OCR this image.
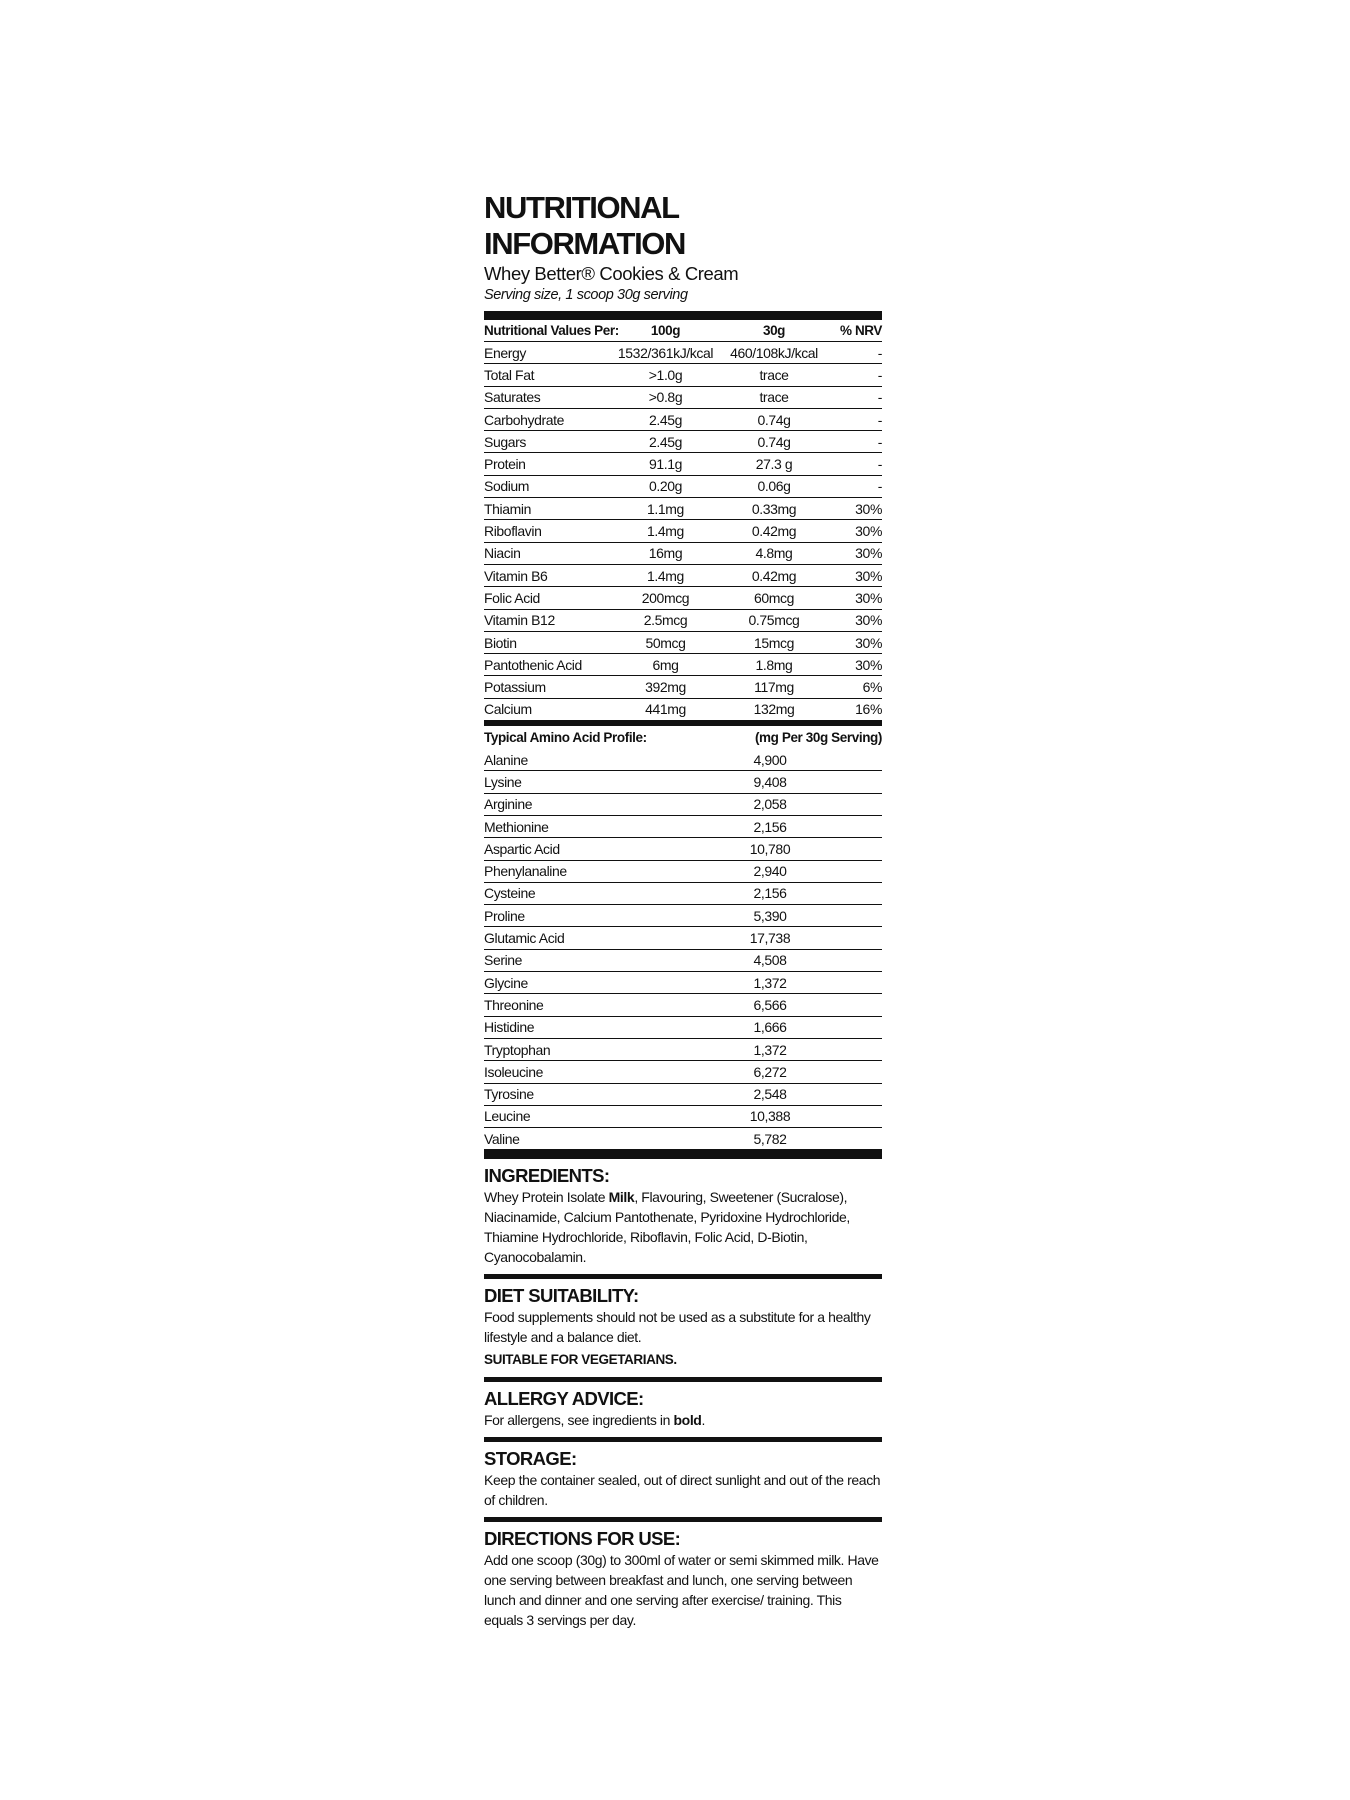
NUTRITIONAL INFORMATION
Whey Better® Cookies & Cream
Serving size, 1 scoop 30g serving
Nutritional Values Per:	100g	30g	% NRV
Energy	1532/361kJ/kcal	460/108kJ/kcal	-
Total Fat	>1.0g	trace	-
Saturates	>0.8g	trace	-
Carbohydrate	2.45g	0.74g	-
Sugars	2.45g	0.74g	-
Protein	91.1g	27.3 g	-
Sodium	0.20g	0.06g	-
Thiamin	1.1mg	0.33mg	30%
Riboflavin	1.4mg	0.42mg	30%
Niacin	16mg	4.8mg	30%
Vitamin B6	1.4mg	0.42mg	30%
Folic Acid	200mcg	60mcg	30%
Vitamin B12	2.5mcg	0.75mcg	30%
Biotin	50mcg	15mcg	30%
Pantothenic Acid	6mg	1.8mg	30%
Potassium	392mg	117mg	6%
Calcium	441mg	132mg	16%
Typical Amino Acid Profile:	(mg Per 30g Serving)
Alanine	4,900
Lysine	9,408
Arginine	2,058
Methionine	2,156
Aspartic Acid	10,780
Phenylanaline	2,940
Cysteine	2,156
Proline	5,390
Glutamic Acid	17,738
Serine	4,508
Glycine	1,372
Threonine	6,566
Histidine	1,666
Tryptophan	1,372
Isoleucine	6,272
Tyrosine	2,548
Leucine	10,388
Valine	5,782
INGREDIENTS:
Whey Protein Isolate Milk, Flavouring, Sweetener (Sucralose), Niacinamide, Calcium Pantothenate, Pyridoxine Hydrochloride, Thiamine Hydrochloride, Riboflavin, Folic Acid, D-Biotin, Cyanocobalamin.
DIET SUITABILITY:
Food supplements should not be used as a substitute for a healthy lifestyle and a balance diet.
SUITABLE FOR VEGETARIANS.
ALLERGY ADVICE:
For allergens, see ingredients in bold.
STORAGE:
Keep the container sealed, out of direct sunlight and out of the reach of children.
DIRECTIONS FOR USE:
Add one scoop (30g) to 300ml of water or semi skimmed milk. Have one serving between breakfast and lunch, one serving between lunch and dinner and one serving after exercise/ training. This equals 3 servings per day.
